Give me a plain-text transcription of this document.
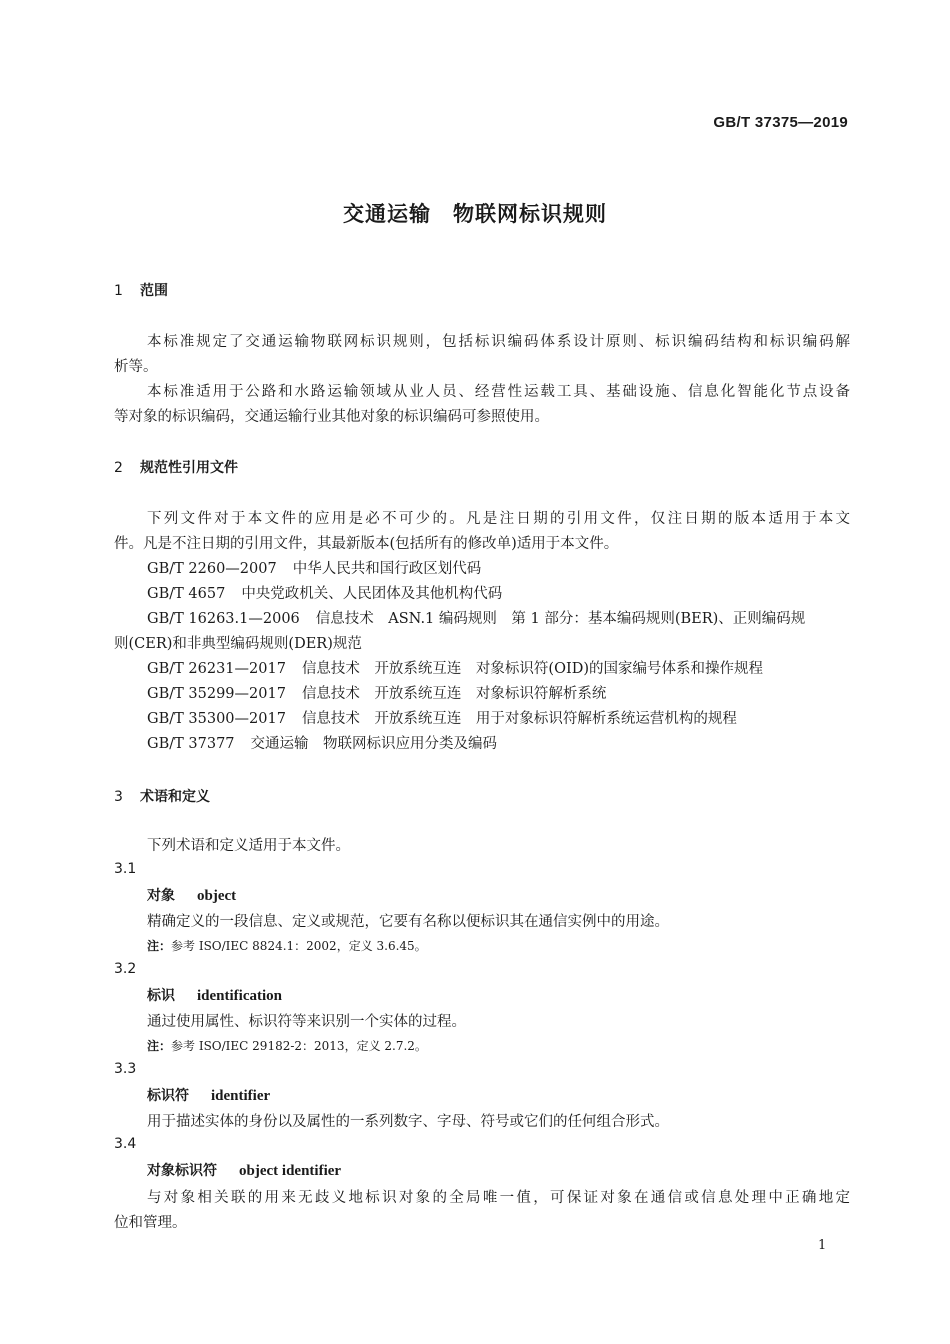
GB/T 37375—2019
交通运输　物联网标识规则
1 范围
本标准规定了交通运输物联网标识规则，包括标识编码体系设计原则、标识编码结构和标识编码解
析等。
本标准适用于公路和水路运输领域从业人员、经营性运载工具、基础设施、信息化智能化节点设备
等对象的标识编码，交通运输行业其他对象的标识编码可参照使用。
2 规范性引用文件
下列文件对于本文件的应用是必不可少的。凡是注日期的引用文件，仅注日期的版本适用于本文
件。凡是不注日期的引用文件，其最新版本(包括所有的修改单)适用于本文件。
GB/T 2260—2007 中华人民共和国行政区划代码
GB/T 4657 中央党政机关、人民团体及其他机构代码
GB/T 16263.1—2006 信息技术　ASN.1 编码规则　第 1 部分：基本编码规则(BER)、正则编码规
则(CER)和非典型编码规则(DER)规范
GB/T 26231—2017 信息技术　开放系统互连　对象标识符(OID)的国家编号体系和操作规程
GB/T 35299—2017 信息技术　开放系统互连　对象标识符解析系统
GB/T 35300—2017 信息技术　开放系统互连　用于对象标识符解析系统运营机构的规程
GB/T 37377 交通运输　物联网标识应用分类及编码
3 术语和定义
下列术语和定义适用于本文件。
3.1
对象 object
精确定义的一段信息、定义或规范，它要有名称以便标识其在通信实例中的用途。
注：参考 ISO/IEC 8824.1：2002，定义 3.6.45。
3.2
标识 identification
通过使用属性、标识符等来识别一个实体的过程。
注：参考 ISO/IEC 29182-2：2013，定义 2.7.2。
3.3
标识符 identifier
用于描述实体的身份以及属性的一系列数字、字母、符号或它们的任何组合形式。
3.4
对象标识符 object identifier
与对象相关联的用来无歧义地标识对象的全局唯一值，可保证对象在通信或信息处理中正确地定
位和管理。
1
